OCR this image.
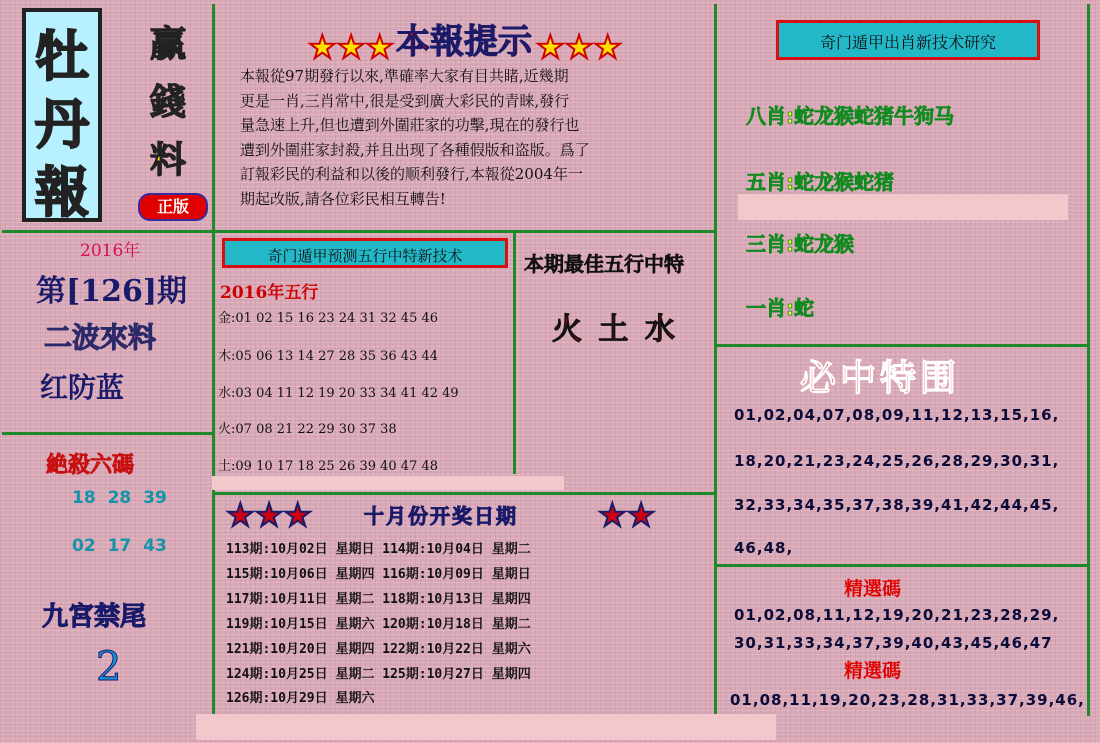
牡
丹
報
贏
錢
料
正版
2016年
第[126]期
二波來料
红防蓝
絶殺六碼
18 28 39
02 17 43
九宮禁尾
2
★★★ 本報提示 ★★★
本報從97期發行以來,準確率大家有目共睹,近幾期
更是一肖,三肖常中,很是受到廣大彩民的青睐,發行
量急速上升,但也遭到外圍莊家的功擊,現在的發行也
遭到外圍莊家封殺,并且出现了各種假版和盗版。爲了
訂報彩民的利益和以後的顺利發行,本報從2004年一
期起改版,請各位彩民相互轉告!
奇门遁甲预测五行中特新技术
2016年五行
金:01 02 15 16 23 24 31 32 45 46
木:05 06 13 14 27 28 35 36 43 44
水:03 04 11 12 19 20 33 34 41 42 49
火:07 08 21 22 29 30 37 38
土:09 10 17 18 25 26 39 40 47 48
本期最佳五行中特
火 土 水
★★★	十月份开奖日期	★★
113期:10月02日 星期日 114期:10月04日 星期二
115期:10月06日 星期四 116期:10月09日 星期日
117期:10月11日 星期二 118期:10月13日 星期四
119期:10月15日 星期六 120期:10月18日 星期二
121期:10月20日 星期四 122期:10月22日 星期六
124期:10月25日 星期二 125期:10月27日 星期四
126期:10月29日 星期六
奇门遁甲出肖新技术研究
八肖:蛇龙猴蛇猪牛狗马
五肖:蛇龙猴蛇猪
三肖:蛇龙猴
一肖:蛇
必中特围
01,02,04,07,08,09,11,12,13,15,16,
18,20,21,23,24,25,26,28,29,30,31,
32,33,34,35,37,38,39,41,42,44,45,
46,48,
精選碼
01,02,08,11,12,19,20,21,23,28,29,
30,31,33,34,37,39,40,43,45,46,47
精選碼
01,08,11,19,20,23,28,31,33,37,39,46,
